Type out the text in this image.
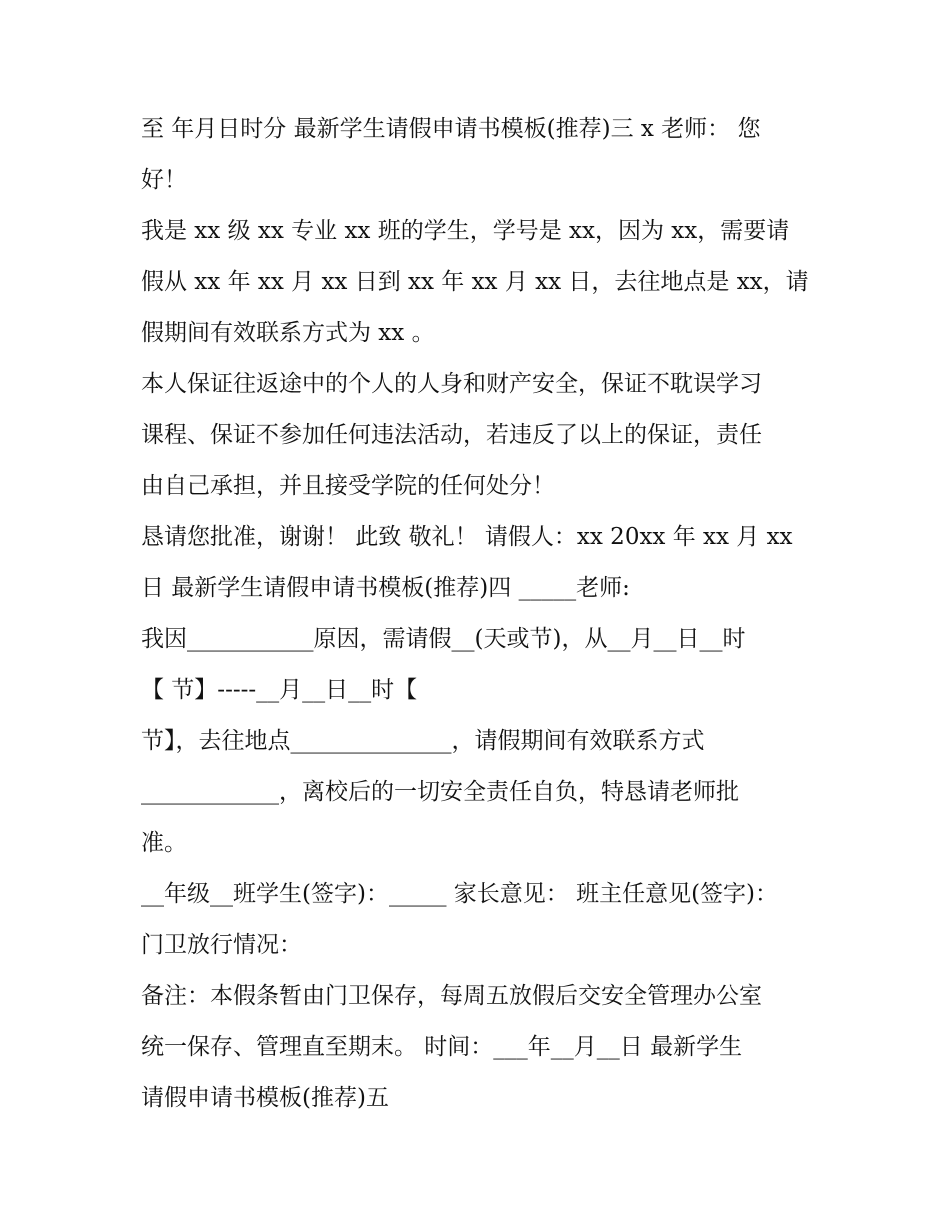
至 年月日时分 最新学生请假申请书模板(推荐)三 x 老师： 您

好！

我是 xx 级 xx 专业 xx 班的学生，学号是 xx，因为 xx，需要请

假从 xx 年 xx 月 xx 日到 xx 年 xx 月 xx 日，去往地点是 xx，请

假期间有效联系方式为 xx 。

本人保证往返途中的个人的人身和财产安全，保证不耽误学习

课程、保证不参加任何违法活动，若违反了以上的保证，责任

由自己承担，并且接受学院的任何处分！

恳请您批准，谢谢！ 此致 敬礼！ 请假人：xx 20xx 年 xx 月 xx

日 最新学生请假申请书模板(推荐)四 _____老师:

我因___________原因，需请假__(天或节)，从__月__日__时

【 节】-----__月__日__时【

节】，去往地点______________，请假期间有效联系方式

____________，离校后的一切安全责任自负，特恳请老师批

准。

__年级__班学生(签字)：_____ 家长意见： 班主任意见(签字)：

门卫放行情况：

备注：本假条暂由门卫保存，每周五放假后交安全管理办公室

统一保存、管理直至期末。 时间：___年__月__日 最新学生

请假申请书模板(推荐)五
